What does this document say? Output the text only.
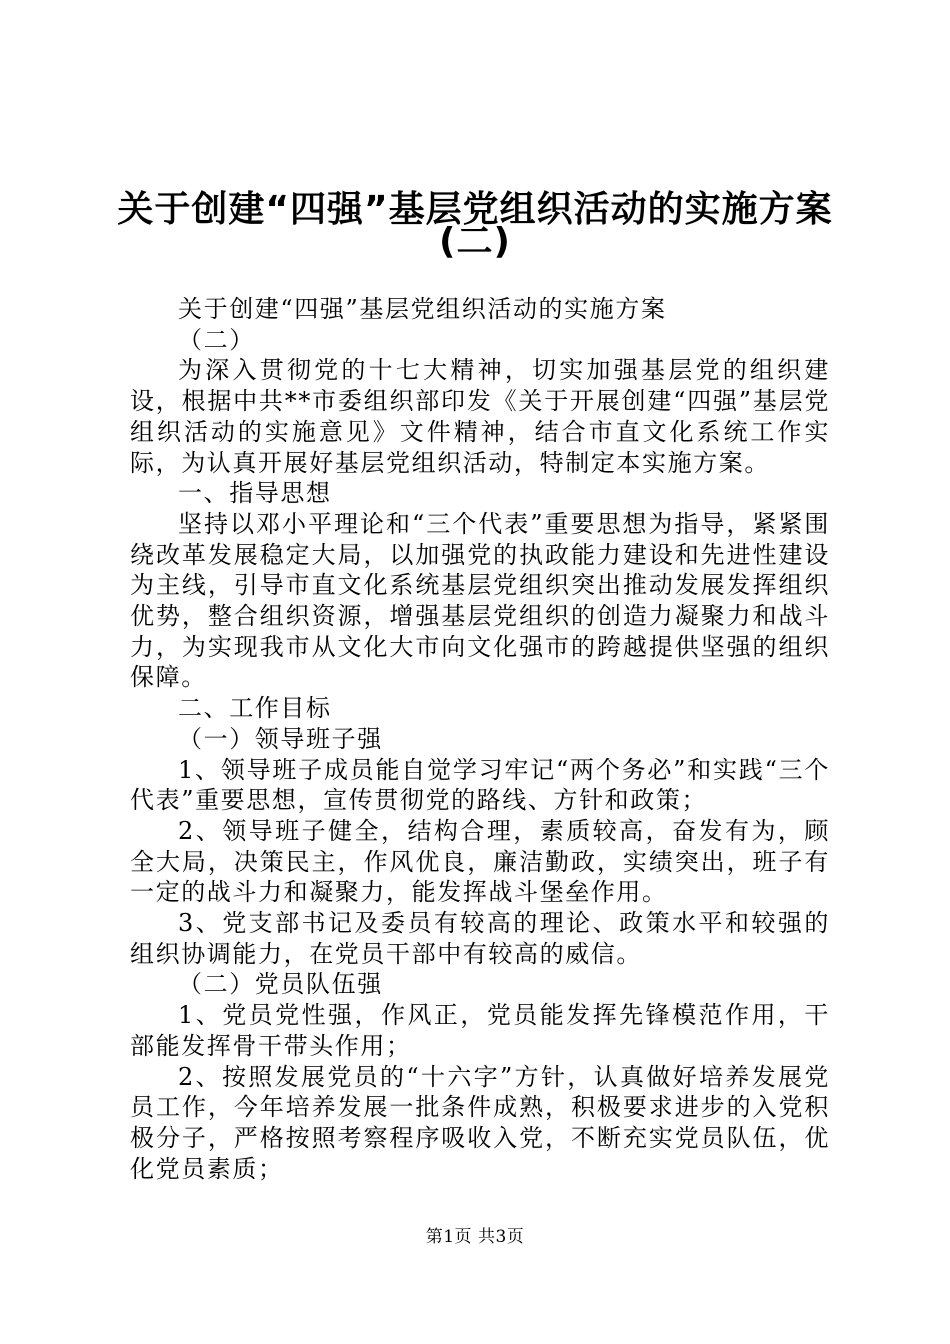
关于创建“四强”基层党组织活动的实施方案
(二)

关于创建“四强”基层党组织活动的实施方案

（二）

为深入贯彻党的十七大精神，切实加强基层党的组织建设，根据中共**市委组织部印发《关于开展创建“四强”基层党组织活动的实施意见》文件精神，结合市直文化系统工作实际，为认真开展好基层党组织活动，特制定本实施方案。

一、指导思想

坚持以邓小平理论和“三个代表”重要思想为指导，紧紧围绕改革发展稳定大局，以加强党的执政能力建设和先进性建设为主线，引导市直文化系统基层党组织突出推动发展发挥组织优势，整合组织资源，增强基层党组织的创造力凝聚力和战斗力，为实现我市从文化大市向文化强市的跨越提供坚强的组织保障。

二、工作目标

（一）领导班子强

1、领导班子成员能自觉学习牢记“两个务必”和实践“三个代表”重要思想，宣传贯彻党的路线、方针和政策；

2、领导班子健全，结构合理，素质较高，奋发有为，顾全大局，决策民主，作风优良，廉洁勤政，实绩突出，班子有一定的战斗力和凝聚力，能发挥战斗堡垒作用。

3、党支部书记及委员有较高的理论、政策水平和较强的组织协调能力，在党员干部中有较高的威信。

（二）党员队伍强

1、党员党性强，作风正，党员能发挥先锋模范作用，干部能发挥骨干带头作用；

2、按照发展党员的“十六字”方针，认真做好培养发展党员工作，今年培养发展一批条件成熟，积极要求进步的入党积极分子，严格按照考察程序吸收入党，不断充实党员队伍，优化党员素质；

第1页 共3页
